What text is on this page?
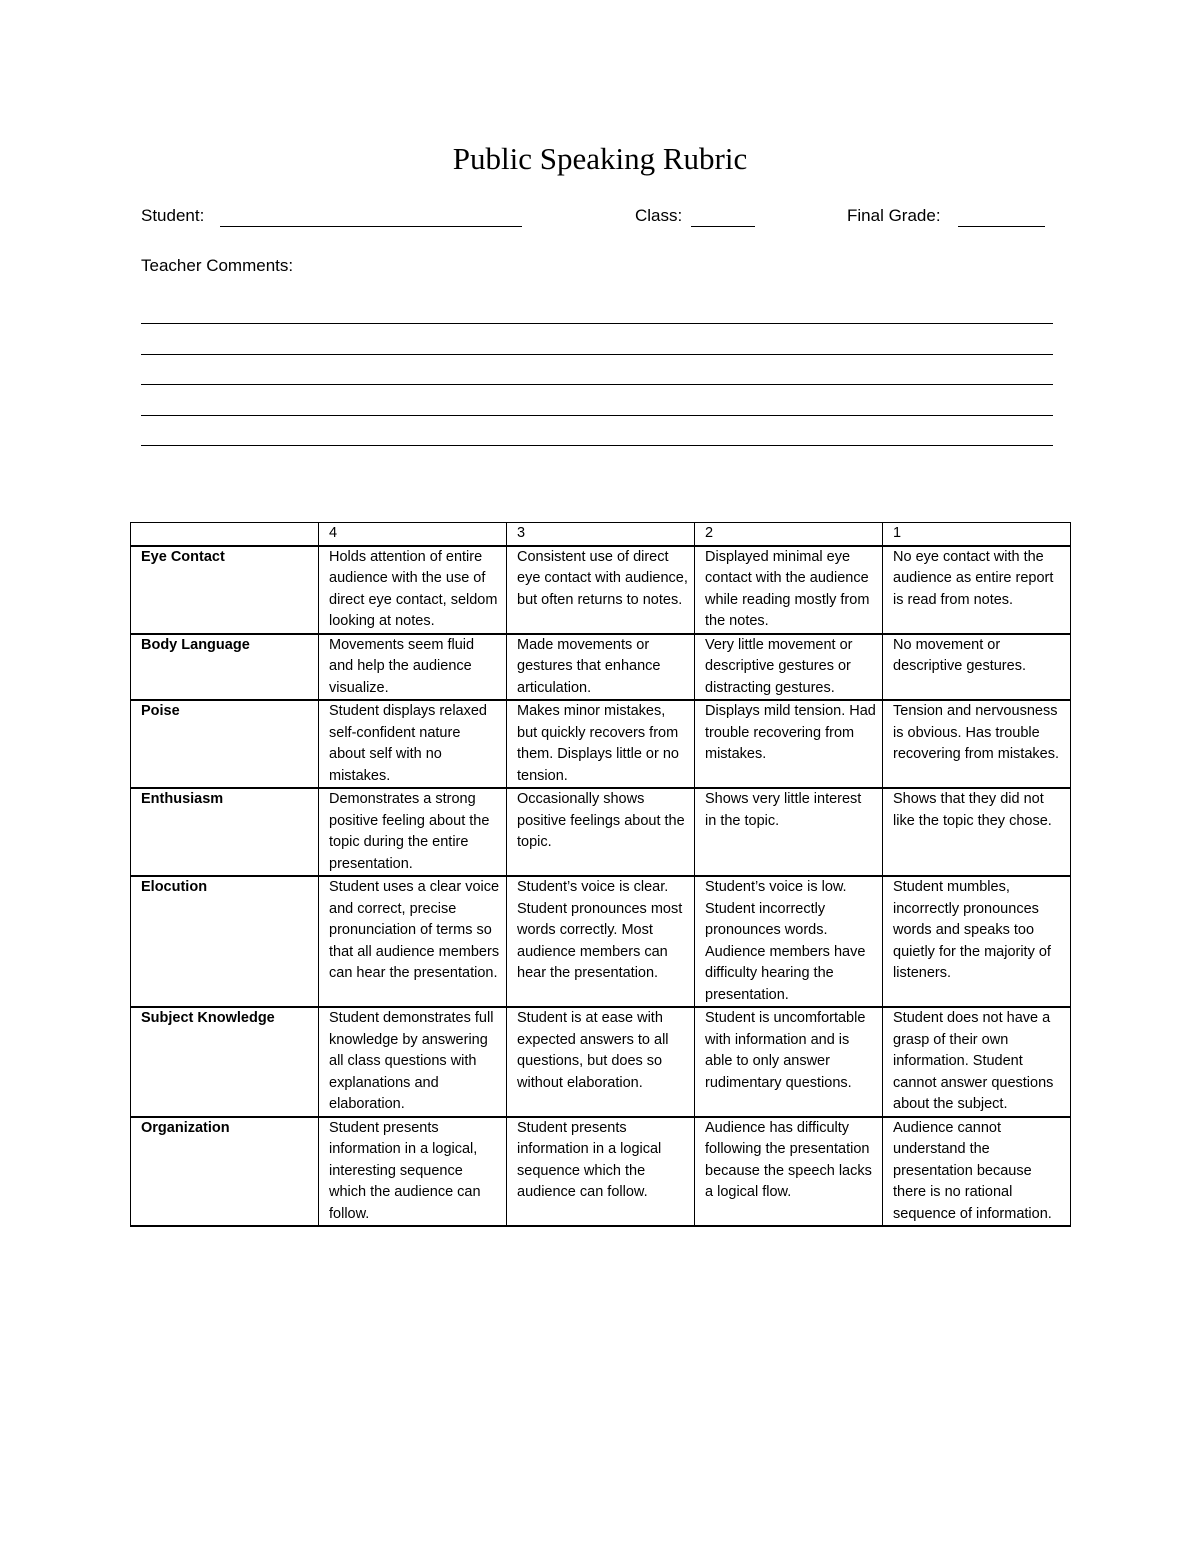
Public Speaking Rubric
Student:	Class:	Final Grade:
Teacher Comments:
	4	3	2	1
Eye Contact	Holds attention of entire audience with the use of direct eye contact, seldom looking at notes.	Consistent use of direct eye contact with audience, but often returns to notes.	Displayed minimal eye contact with the audience while reading mostly from the notes.	No eye contact with the audience as entire report is read from notes.
Body Language	Movements seem fluid and help the audience visualize.	Made movements or gestures that enhance articulation.	Very little movement or descriptive gestures or distracting gestures.	No movement or descriptive gestures.
Poise	Student displays relaxed self-confident nature about self with no mistakes.	Makes minor mistakes, but quickly recovers from them. Displays little or no tension.	Displays mild tension. Had trouble recovering from mistakes.	Tension and nervousness is obvious. Has trouble recovering from mistakes.
Enthusiasm	Demonstrates a strong positive feeling about the topic during the entire presentation.	Occasionally shows positive feelings about the topic.	Shows very little interest in the topic.	Shows that they did not like the topic they chose.
Elocution	Student uses a clear voice and correct, precise pronunciation of terms so that all audience members can hear the presentation.	Student’s voice is clear. Student pronounces most words correctly. Most audience members can hear the presentation.	Student’s voice is low. Student incorrectly pronounces words. Audience members have difficulty hearing the presentation.	Student mumbles, incorrectly pronounces words and speaks too quietly for the majority of listeners.
Subject Knowledge	Student demonstrates full knowledge by answering all class questions with explanations and elaboration.	Student is at ease with expected answers to all questions, but does so without elaboration.	Student is uncomfortable with information and is able to only answer rudimentary questions.	Student does not have a grasp of their own information. Student cannot answer questions about the subject.
Organization	Student presents information in a logical, interesting sequence which the audience can follow.	Student presents information in a logical sequence which the audience can follow.	Audience has difficulty following the presentation because the speech lacks a logical flow.	Audience cannot understand the presentation because there is no rational sequence of information.
